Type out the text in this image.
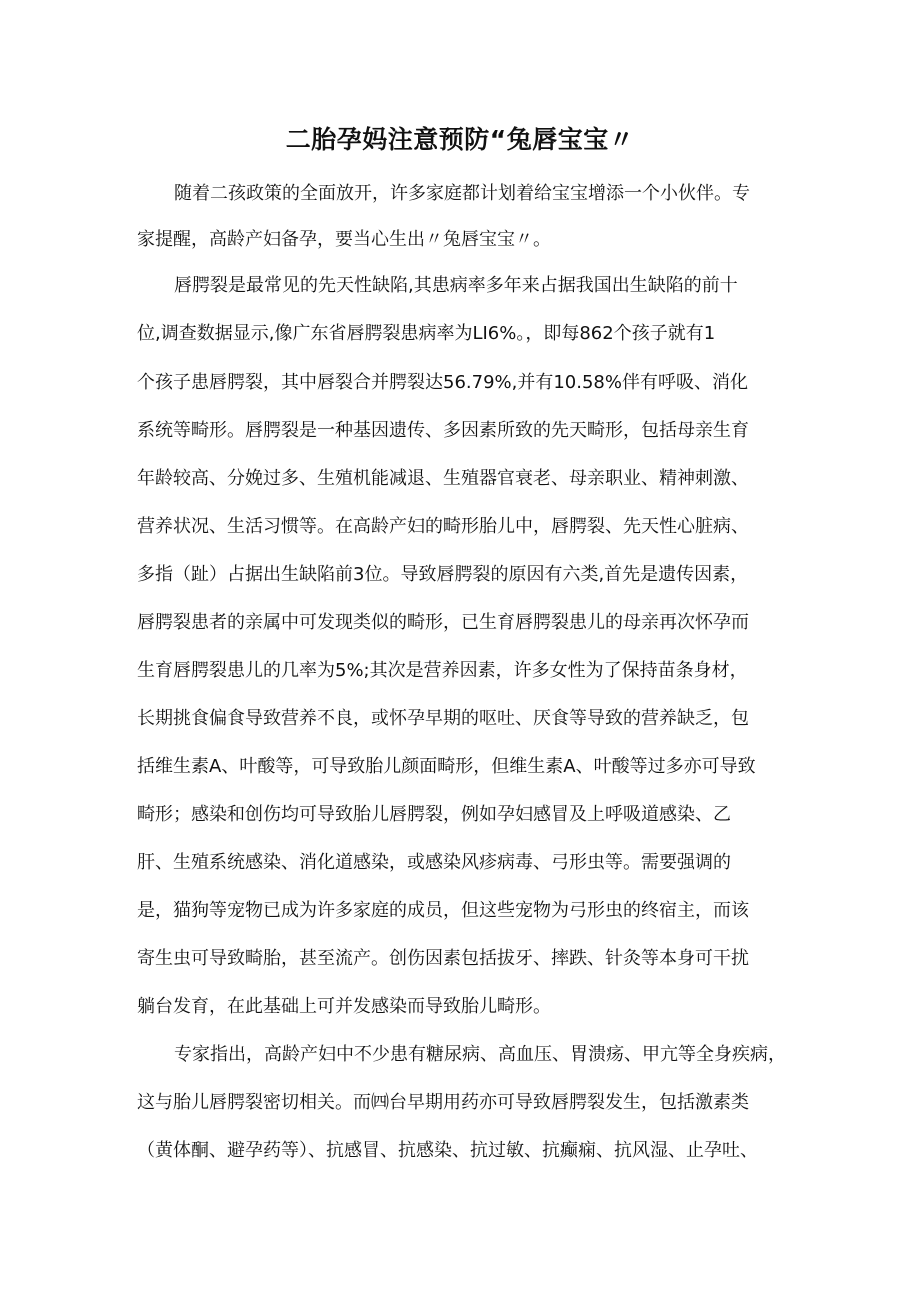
二胎孕妈注意预防“兔唇宝宝〃

随着二孩政策的全面放开，许多家庭都计划着给宝宝增添一个小伙伴。专

家提醒，高龄产妇备孕，要当心生出〃兔唇宝宝〃。

唇腭裂是最常见的先天性缺陷,其患病率多年来占据我国出生缺陷的前十

位,调查数据显示,像广东省唇腭裂患病率为LI6%。，即每862个孩子就有1

个孩子患唇腭裂，其中唇裂合并腭裂达56.79%,并有10.58%伴有呼吸、消化

系统等畸形。唇腭裂是一种基因遗传、多因素所致的先天畸形，包括母亲生育

年龄较高、分娩过多、生殖机能减退、生殖器官衰老、母亲职业、精神刺激、

营养状况、生活习惯等。在高龄产妇的畸形胎儿中，唇腭裂、先天性心脏病、

多指（趾）占据出生缺陷前3位。导致唇腭裂的原因有六类,首先是遗传因素，

唇腭裂患者的亲属中可发现类似的畸形，已生育唇腭裂患儿的母亲再次怀孕而

生育唇腭裂患儿的几率为5%;其次是营养因素，许多女性为了保持苗条身材，

长期挑食偏食导致营养不良，或怀孕早期的呕吐、厌食等导致的营养缺乏，包

括维生素A、叶酸等，可导致胎儿颜面畸形，但维生素A、叶酸等过多亦可导致

畸形；感染和创伤均可导致胎儿唇腭裂，例如孕妇感冒及上呼吸道感染、乙

肝、生殖系统感染、消化道感染，或感染风疹病毒、弓形虫等。需要强调的

是，猫狗等宠物已成为许多家庭的成员，但这些宠物为弓形虫的终宿主，而该

寄生虫可导致畸胎，甚至流产。创伤因素包括拔牙、摔跌、针灸等本身可干扰

躺台发育，在此基础上可并发感染而导致胎儿畸形。

专家指出，高龄产妇中不少患有糖尿病、高血压、胃溃疡、甲亢等全身疾病，

这与胎儿唇腭裂密切相关。而㈣台早期用药亦可导致唇腭裂发生，包括激素类

（黄体酮、避孕药等）、抗感冒、抗感染、抗过敏、抗癫痫、抗风湿、止孕吐、
